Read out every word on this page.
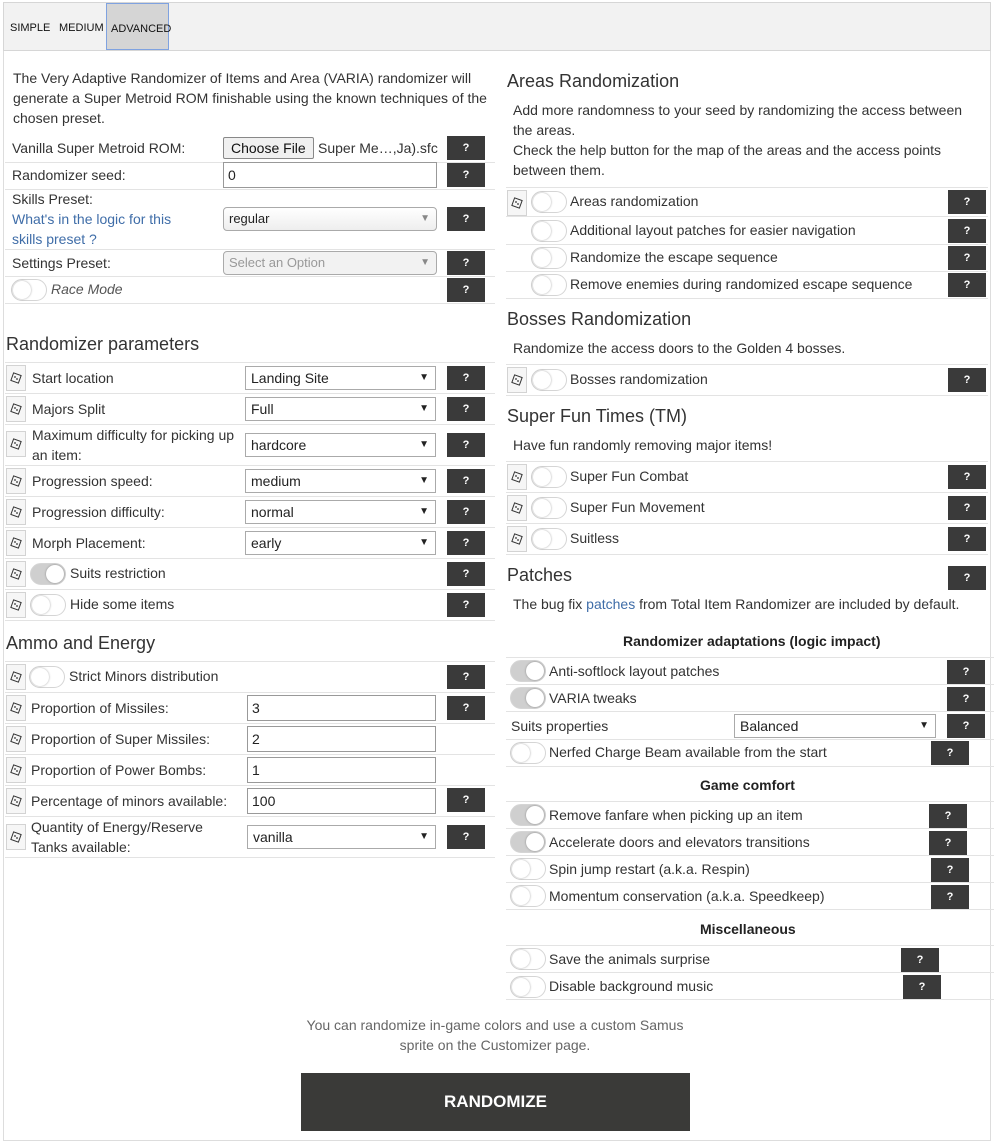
SIMPLE MEDIUM ADVANCED
The Very Adaptive Randomizer of Items and Area (VARIA) randomizer will generate a Super Metroid ROM finishable using the known techniques of the chosen preset.
Vanilla Super Metroid ROM:	Choose File Super Me…,Ja).sfc	?
Randomizer seed:	0	?
Skills Preset:
What's in the logic for this skills preset ?
regular	▼	?
Settings Preset:	Select an Option	▼	?
Race Mode	?
Randomizer parameters
Start location	Landing Site	▼	?
Majors Split	Full	▼	?
Maximum difficulty for picking up an item:
hardcore	▼	?
Progression speed:	medium	▼	?
Progression difficulty:	normal	▼	?
Morph Placement:	early	▼	?
Suits restriction	?
Hide some items	?
Ammo and Energy
Strict Minors distribution	?
Proportion of Missiles:	3	?
Proportion of Super Missiles:	2
Proportion of Power Bombs:	1
Percentage of minors available:	100	?
Quantity of Energy/Reserve Tanks available:
vanilla	▼	?
Areas Randomization
Add more randomness to your seed by randomizing the access between the areas.
Check the help button for the map of the areas and the access points between them.
Areas randomization	?
Additional layout patches for easier navigation	?
Randomize the escape sequence	?
Remove enemies during randomized escape sequence	?
Bosses Randomization
Randomize the access doors to the Golden 4 bosses.
Bosses randomization	?
Super Fun Times (TM)
Have fun randomly removing major items!
Super Fun Combat	?
Super Fun Movement	?
Suitless	?
Patches	?
The bug fix patches from Total Item Randomizer are included by default.
Randomizer adaptations (logic impact)
Anti-softlock layout patches	?
VARIA tweaks	?
Suits properties	Balanced	▼	?
Nerfed Charge Beam available from the start	?
Game comfort
Remove fanfare when picking up an item	?
Accelerate doors and elevators transitions	?
Spin jump restart (a.k.a. Respin)	?
Momentum conservation (a.k.a. Speedkeep)	?
Miscellaneous
Save the animals surprise	?
Disable background music	?
You can randomize in-game colors and use a custom Samus sprite on the Customizer page.
RANDOMIZE
